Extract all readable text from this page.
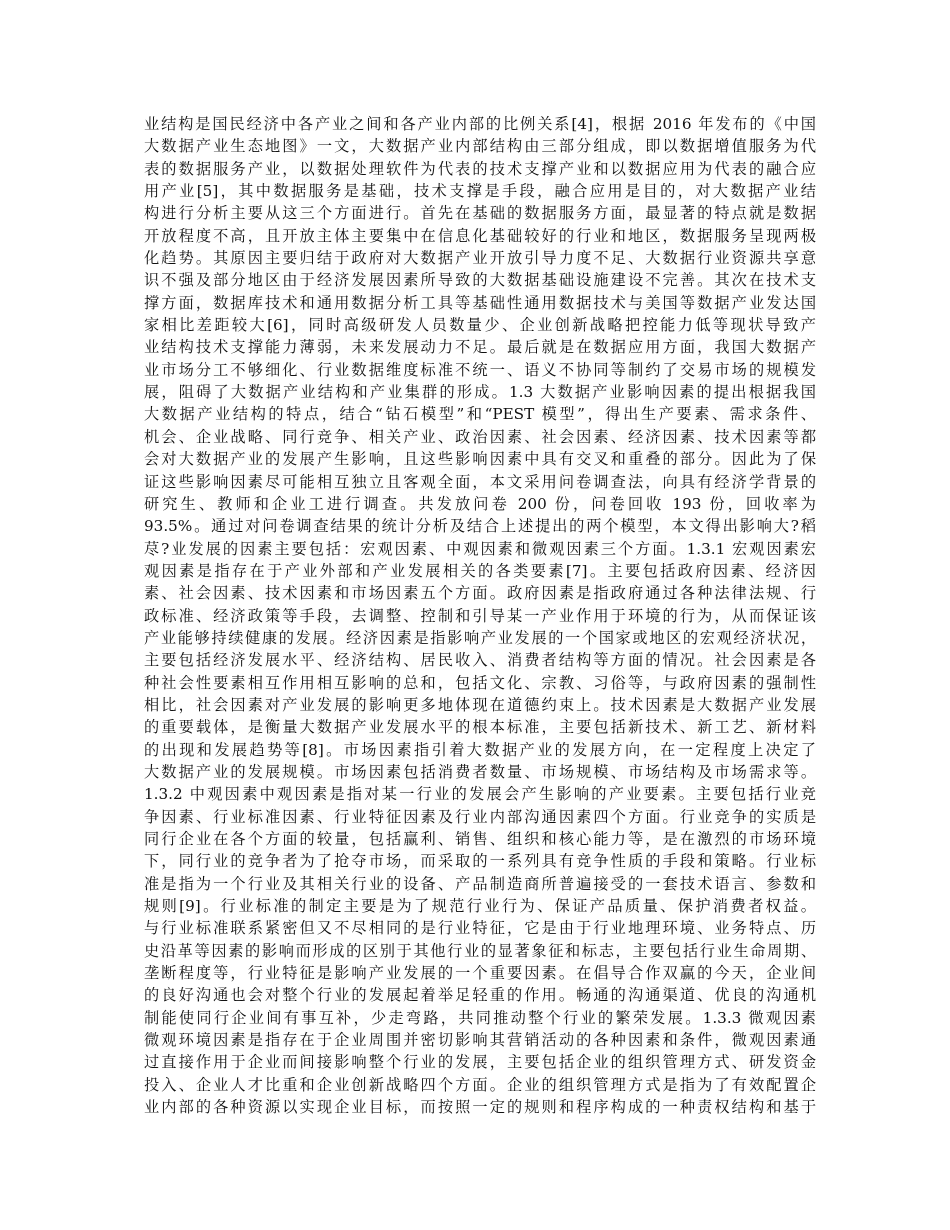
业结构是国民经济中各产业之间和各产业内部的比例关系[4]，根据 2016 年发布的《中国
大数据产业生态地图》一文，大数据产业内部结构由三部分组成，即以数据增值服务为代
表的数据服务产业，以数据处理软件为代表的技术支撑产业和以数据应用为代表的融合应
用产业[5]，其中数据服务是基础，技术支撑是手段，融合应用是目的，对大数据产业结
构进行分析主要从这三个方面进行。首先在基础的数据服务方面，最显著的特点就是数据
开放程度不高，且开放主体主要集中在信息化基础较好的行业和地区，数据服务呈现两极
化趋势。其原因主要归结于政府对大数据产业开放引导力度不足、大数据行业资源共享意
识不强及部分地区由于经济发展因素所导致的大数据基础设施建设不完善。其次在技术支
撑方面，数据库技术和通用数据分析工具等基础性通用数据技术与美国等数据产业发达国
家相比差距较大[6]，同时高级研发人员数量少、企业创新战略把控能力低等现状导致产
业结构技术支撑能力薄弱，未来发展动力不足。最后就是在数据应用方面，我国大数据产
业市场分工不够细化、行业数据维度标准不统一、语义不协同等制约了交易市场的规模发
展，阻碍了大数据产业结构和产业集群的形成。1.3 大数据产业影响因素的提出根据我国
大数据产业结构的特点，结合“钻石模型”和“PEST 模型”，得出生产要素、需求条件、
机会、企业战略、同行竞争、相关产业、政治因素、社会因素、经济因素、技术因素等都
会对大数据产业的发展产生影响，且这些影响因素中具有交叉和重叠的部分。因此为了保
证这些影响因素尽可能相互独立且客观全面，本文采用问卷调查法，向具有经济学背景的
研究生、教师和企业工进行调查。共发放问卷 200 份，问卷回收 193 份，回收率为
93.5%。通过对问卷调查结果的统计分析及结合上述提出的两个模型，本文得出影响大?稻
荩?业发展的因素主要包括：宏观因素、中观因素和微观因素三个方面。1.3.1 宏观因素宏
观因素是指存在于产业外部和产业发展相关的各类要素[7]。主要包括政府因素、经济因
素、社会因素、技术因素和市场因素五个方面。政府因素是指政府通过各种法律法规、行
政标准、经济政策等手段，去调整、控制和引导某一产业作用于环境的行为，从而保证该
产业能够持续健康的发展。经济因素是指影响产业发展的一个国家或地区的宏观经济状况，
主要包括经济发展水平、经济结构、居民收入、消费者结构等方面的情况。社会因素是各
种社会性要素相互作用相互影响的总和，包括文化、宗教、习俗等，与政府因素的强制性
相比，社会因素对产业发展的影响更多地体现在道德约束上。技术因素是大数据产业发展
的重要载体，是衡量大数据产业发展水平的根本标准，主要包括新技术、新工艺、新材料
的出现和发展趋势等[8]。市场因素指引着大数据产业的发展方向，在一定程度上决定了
大数据产业的发展规模。市场因素包括消费者数量、市场规模、市场结构及市场需求等。
1.3.2 中观因素中观因素是指对某一行业的发展会产生影响的产业要素。主要包括行业竞
争因素、行业标准因素、行业特征因素及行业内部沟通因素四个方面。行业竞争的实质是
同行企业在各个方面的较量，包括赢利、销售、组织和核心能力等，是在激烈的市场环境
下，同行业的竞争者为了抢夺市场，而采取的一系列具有竞争性质的手段和策略。行业标
准是指为一个行业及其相关行业的设备、产品制造商所普遍接受的一套技术语言、参数和
规则[9]。行业标准的制定主要是为了规范行业行为、保证产品质量、保护消费者权益。
与行业标准联系紧密但又不尽相同的是行业特征，它是由于行业地理环境、业务特点、历
史沿革等因素的影响而形成的区别于其他行业的显著象征和标志，主要包括行业生命周期、
垄断程度等，行业特征是影响产业发展的一个重要因素。在倡导合作双赢的今天，企业间
的良好沟通也会对整个行业的发展起着举足轻重的作用。畅通的沟通渠道、优良的沟通机
制能使同行企业间有事互补，少走弯路，共同推动整个行业的繁荣发展。1.3.3 微观因素
微观环境因素是指存在于企业周围并密切影响其营销活动的各种因素和条件，微观因素通
过直接作用于企业而间接影响整个行业的发展，主要包括企业的组织管理方式、研发资金
投入、企业人才比重和企业创新战略四个方面。企业的组织管理方式是指为了有效配置企
业内部的各种资源以实现企业目标，而按照一定的规则和程序构成的一种责权结构和基于
